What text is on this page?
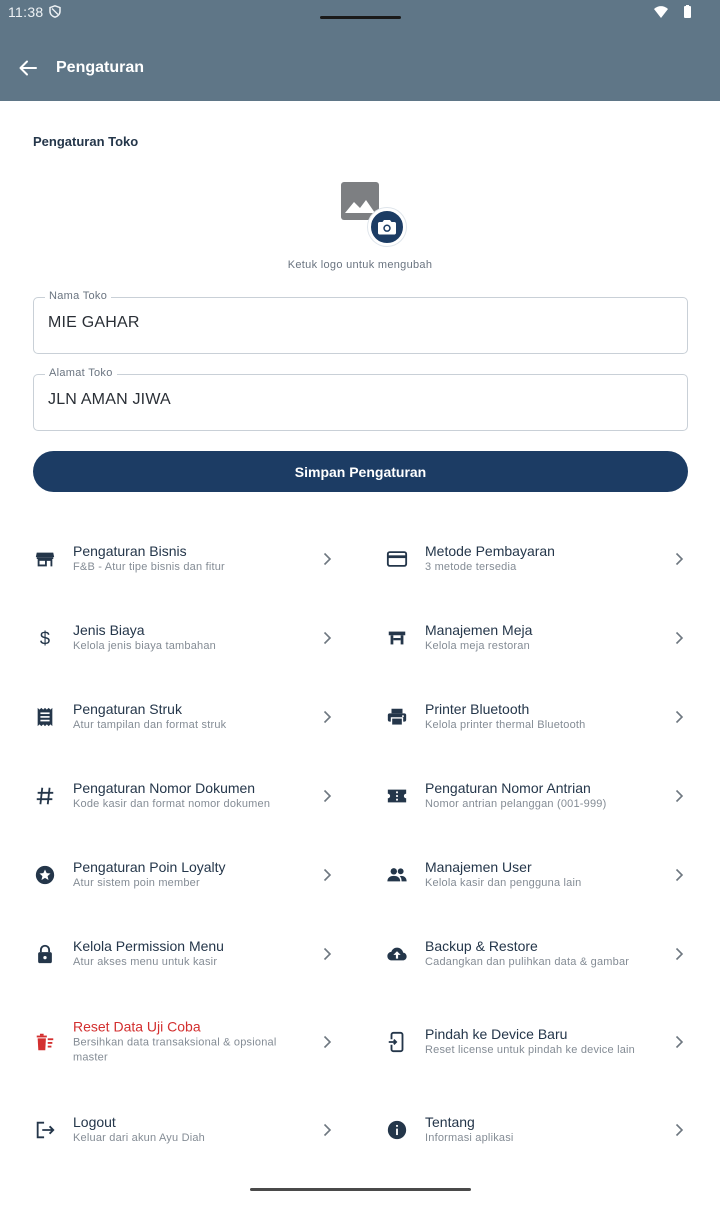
11:38
Pengaturan
Pengaturan Toko
Ketuk logo untuk mengubah
Nama Toko
MIE GAHAR
Alamat Toko
JLN AMAN JIWA
Simpan Pengaturan
Pengaturan Bisnis
F&B - Atur tipe bisnis dan fitur
Metode Pembayaran
3 metode tersedia
$ Jenis Biaya
Kelola jenis biaya tambahan
Manajemen Meja
Kelola meja restoran
Pengaturan Struk
Atur tampilan dan format struk
Printer Bluetooth
Kelola printer thermal Bluetooth
Pengaturan Nomor Dokumen
Kode kasir dan format nomor dokumen
Pengaturan Nomor Antrian
Nomor antrian pelanggan (001-999)
Pengaturan Poin Loyalty
Atur sistem poin member
Manajemen User
Kelola kasir dan pengguna lain
Kelola Permission Menu
Atur akses menu untuk kasir
Backup & Restore
Cadangkan dan pulihkan data & gambar
Reset Data Uji Coba
Bersihkan data transaksional & opsional master
Pindah ke Device Baru
Reset license untuk pindah ke device lain
Logout
Keluar dari akun Ayu Diah
Tentang
Informasi aplikasi
